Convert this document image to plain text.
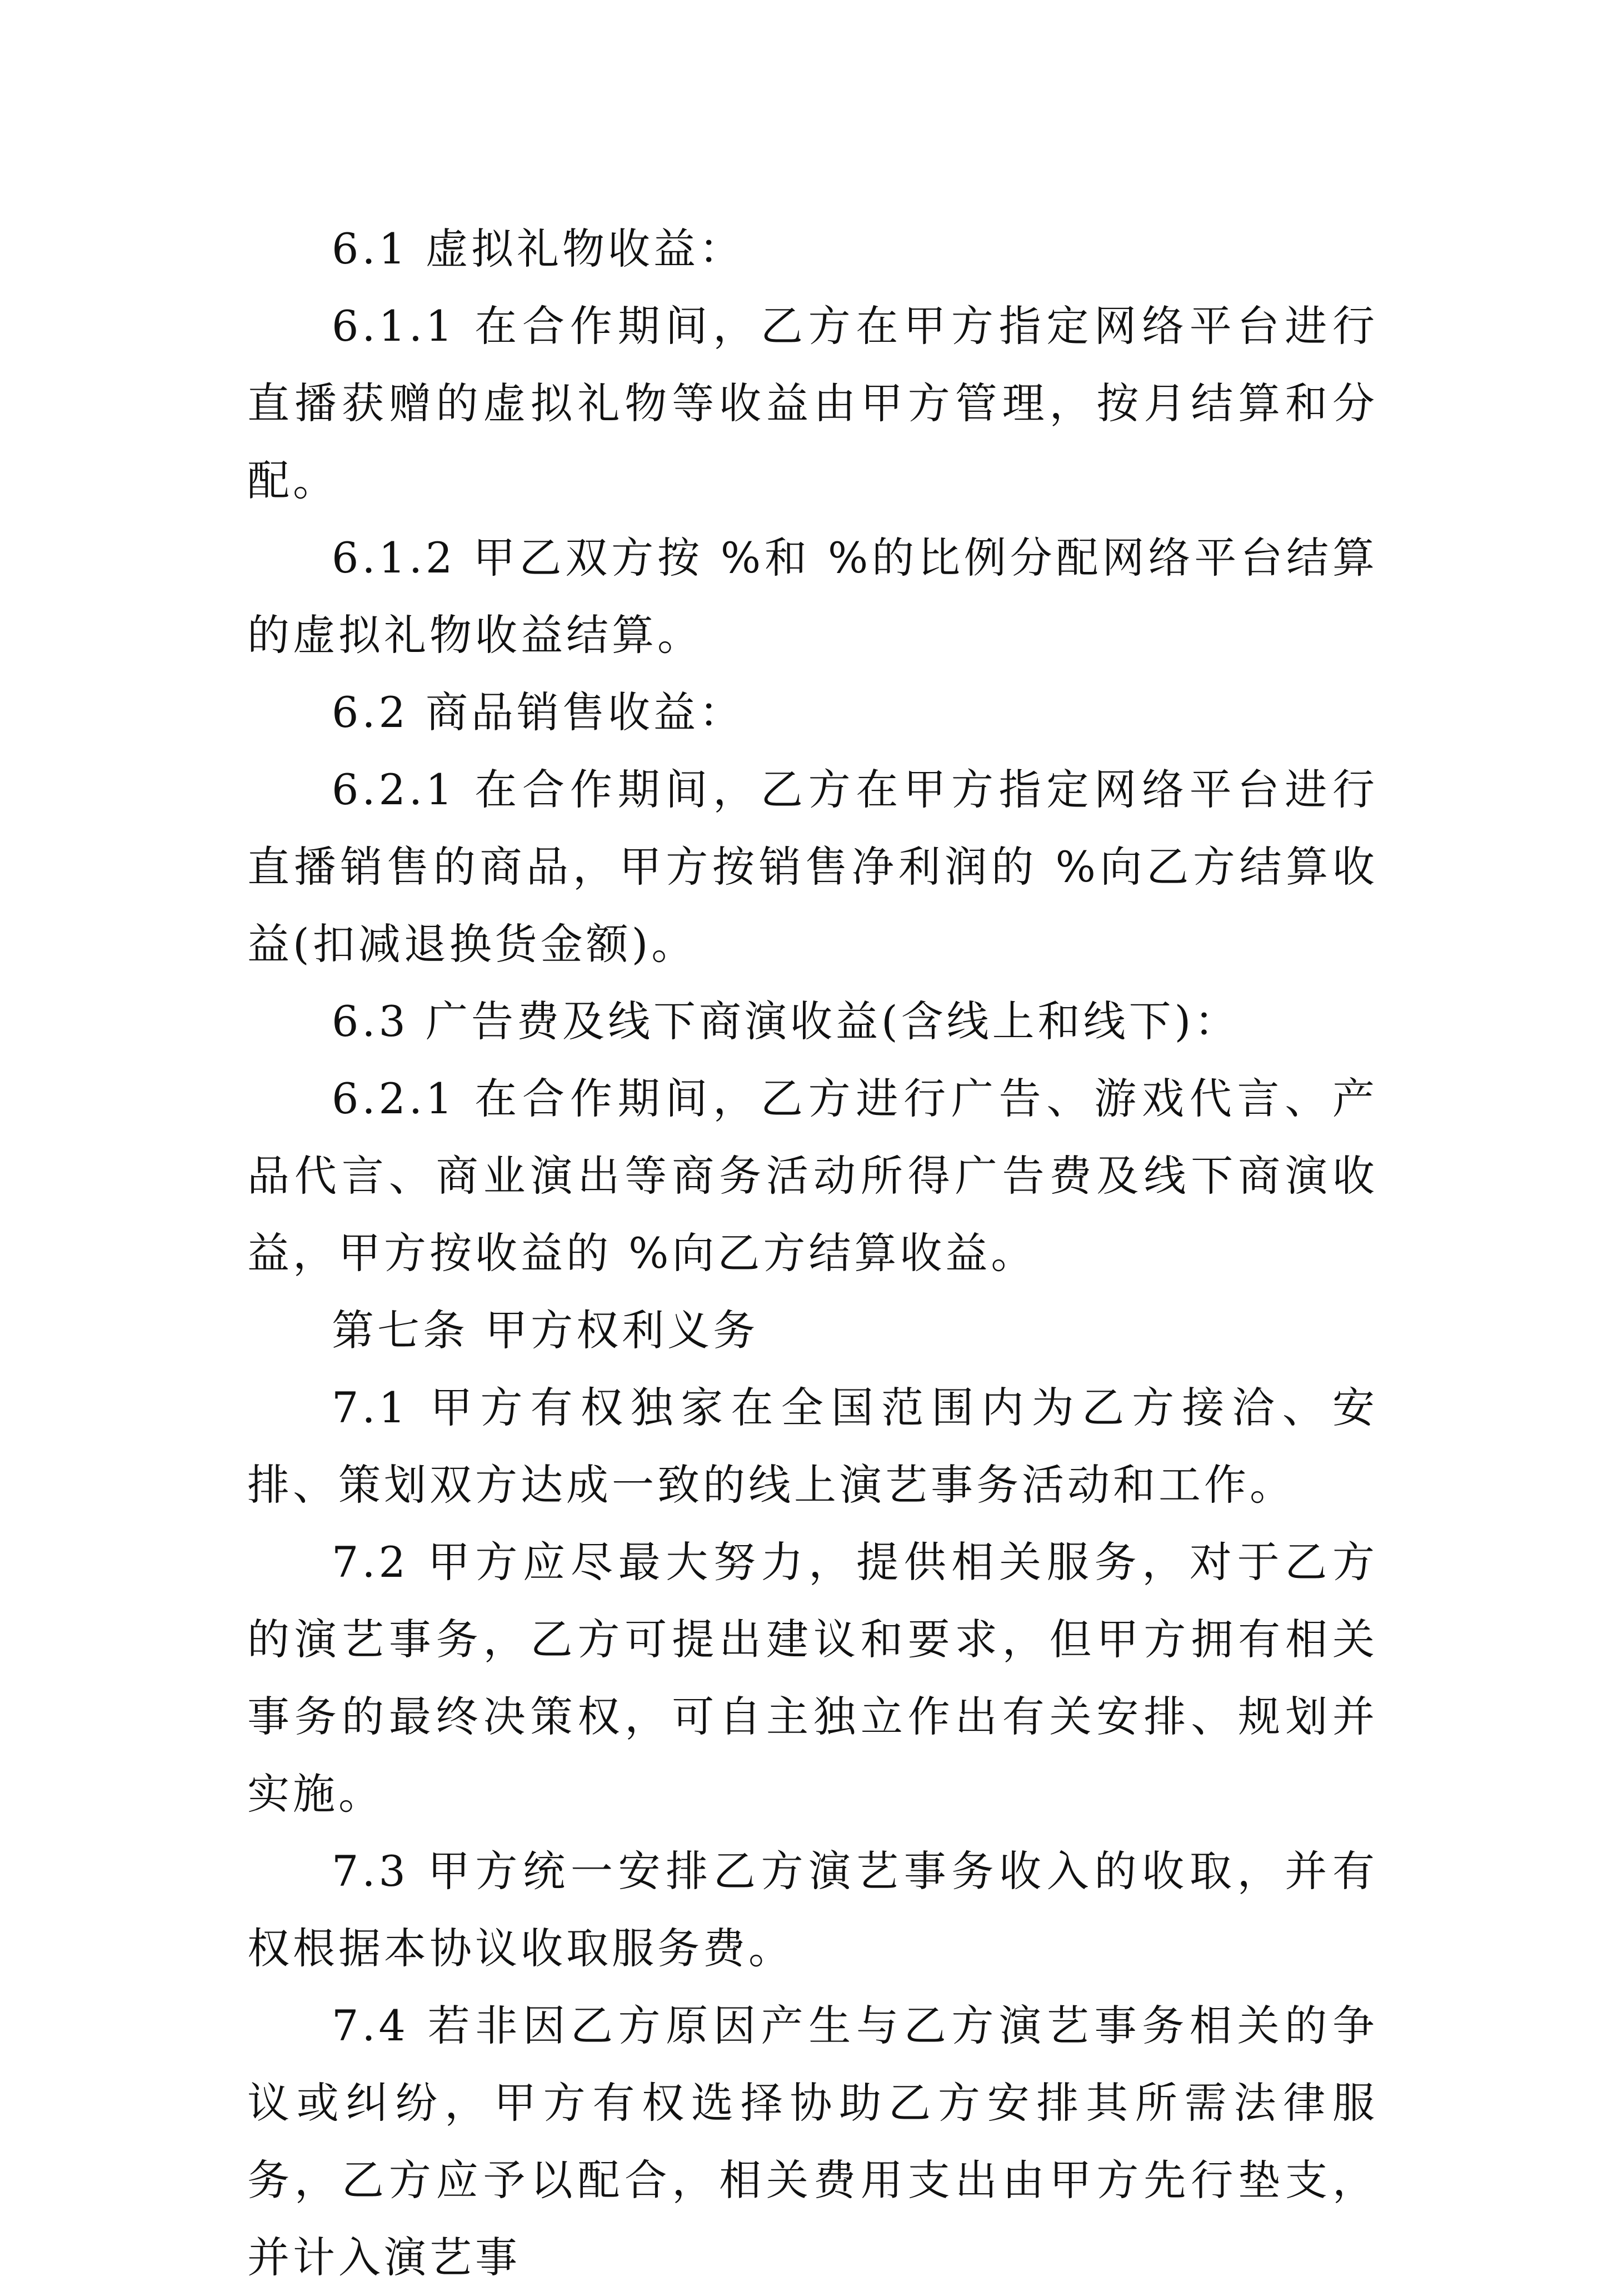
6.1 虚拟礼物收益：

6.1.1 在合作期间，乙方在甲方指定网络平台进行直播获赠的虚拟礼物等收益由甲方管理，按月结算和分配。

6.1.2 甲乙双方按 %和 %的比例分配网络平台结算的虚拟礼物收益结算。

6.2 商品销售收益：

6.2.1 在合作期间，乙方在甲方指定网络平台进行直播销售的商品，甲方按销售净利润的 %向乙方结算收益(扣减退换货金额)。

6.3 广告费及线下商演收益(含线上和线下)：

6.2.1 在合作期间，乙方进行广告、游戏代言、产品代言、商业演出等商务活动所得广告费及线下商演收益，甲方按收益的 %向乙方结算收益。

第七条 甲方权利义务

7.1 甲方有权独家在全国范围内为乙方接洽、安排、策划双方达成一致的线上演艺事务活动和工作。

7.2 甲方应尽最大努力，提供相关服务，对于乙方的演艺事务，乙方可提出建议和要求，但甲方拥有相关事务的最终决策权，可自主独立作出有关安排、规划并实施。

7.3 甲方统一安排乙方演艺事务收入的收取，并有权根据本协议收取服务费。

7.4 若非因乙方原因产生与乙方演艺事务相关的争议或纠纷，甲方有权选择协助乙方安排其所需法律服务，乙方应予以配合，相关费用支出由甲方先行垫支，并计入演艺事
